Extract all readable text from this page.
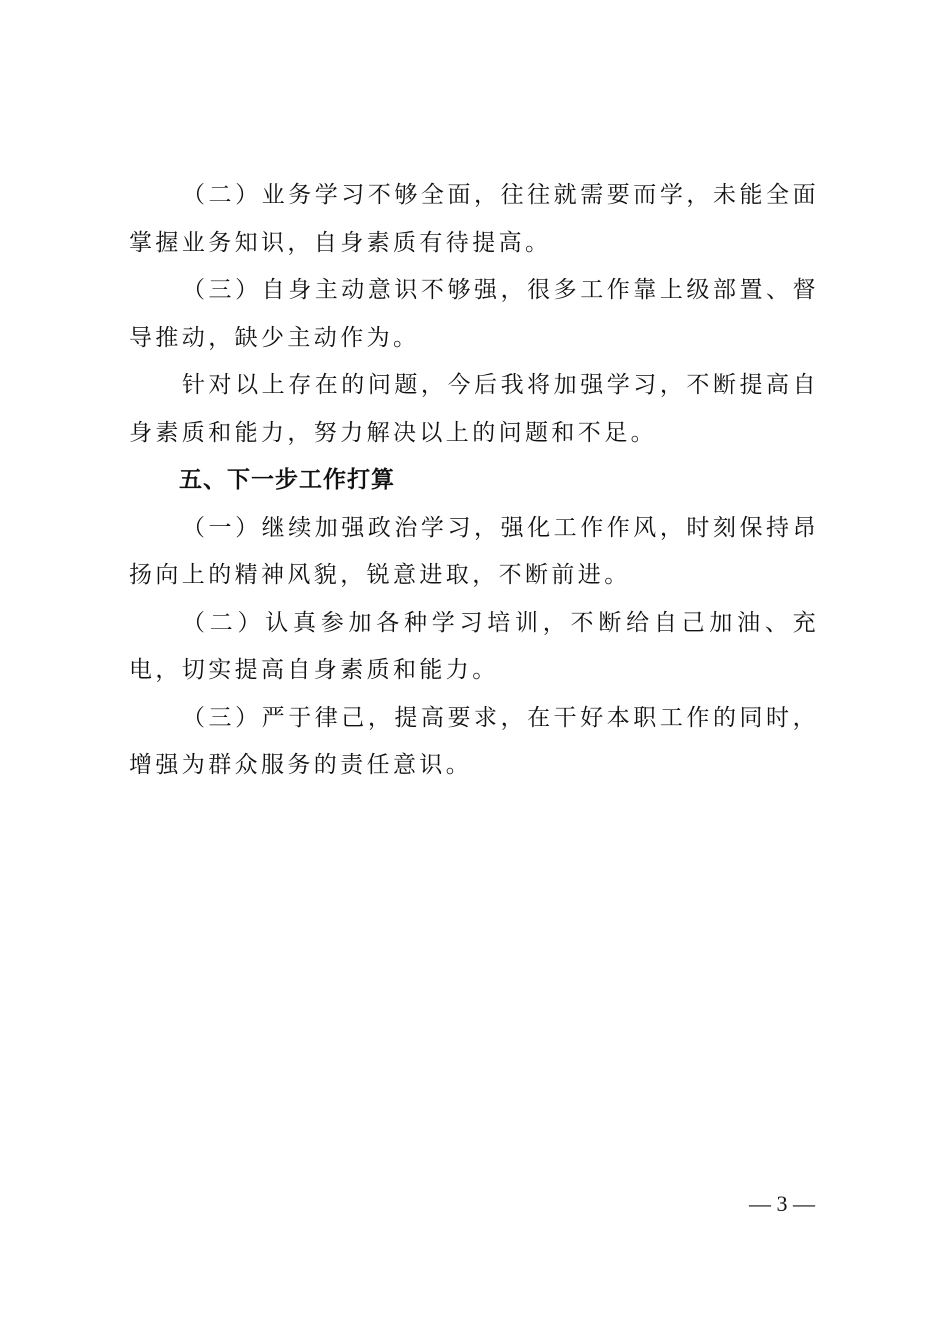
（二）业务学习不够全面，往往就需要而学，未能全面掌握业务知识，自身素质有待提高。

（三）自身主动意识不够强，很多工作靠上级部置、督导推动，缺少主动作为。

针对以上存在的问题，今后我将加强学习，不断提高自身素质和能力，努力解决以上的问题和不足。

五、下一步工作打算

（一）继续加强政治学习，强化工作作风，时刻保持昂扬向上的精神风貌，锐意进取，不断前进。

（二）认真参加各种学习培训，不断给自己加油、充电，切实提高自身素质和能力。

（三）严于律己，提高要求，在干好本职工作的同时，增强为群众服务的责任意识。

— 3 —
